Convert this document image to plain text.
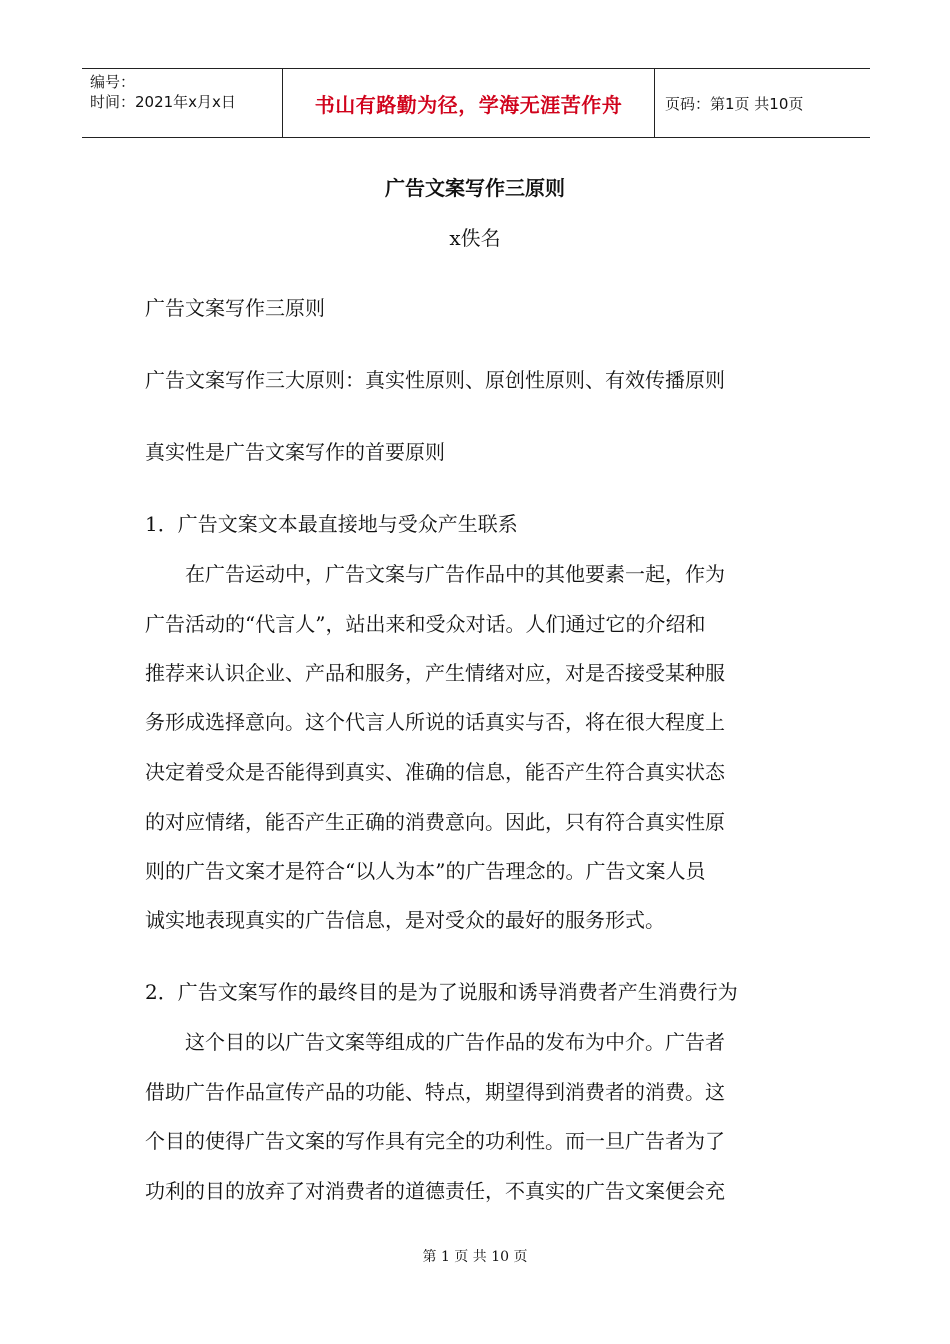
编号：
时间：2021年x月x日	书山有路勤为径，学海无涯苦作舟	页码：第1页 共10页
广告文案写作三原则
x佚名
广告文案写作三原则
广告文案写作三大原则：真实性原则、原创性原则、有效传播原则
真实性是广告文案写作的首要原则
1．广告文案文本最直接地与受众产生联系
　　在广告运动中，广告文案与广告作品中的其他要素一起，作为
广告活动的“代言人”，站出来和受众对话。人们通过它的介绍和
推荐来认识企业、产品和服务，产生情绪对应，对是否接受某种服
务形成选择意向。这个代言人所说的话真实与否，将在很大程度上
决定着受众是否能得到真实、准确的信息，能否产生符合真实状态
的对应情绪，能否产生正确的消费意向。因此，只有符合真实性原
则的广告文案才是符合“以人为本”的广告理念的。广告文案人员
诚实地表现真实的广告信息，是对受众的最好的服务形式。
2．广告文案写作的最终目的是为了说服和诱导消费者产生消费行为
　　这个目的以广告文案等组成的广告作品的发布为中介。广告者
借助广告作品宣传产品的功能、特点，期望得到消费者的消费。这
个目的使得广告文案的写作具有完全的功利性。而一旦广告者为了
功利的目的放弃了对消费者的道德责任，不真实的广告文案便会充
第 1 页 共 10 页
